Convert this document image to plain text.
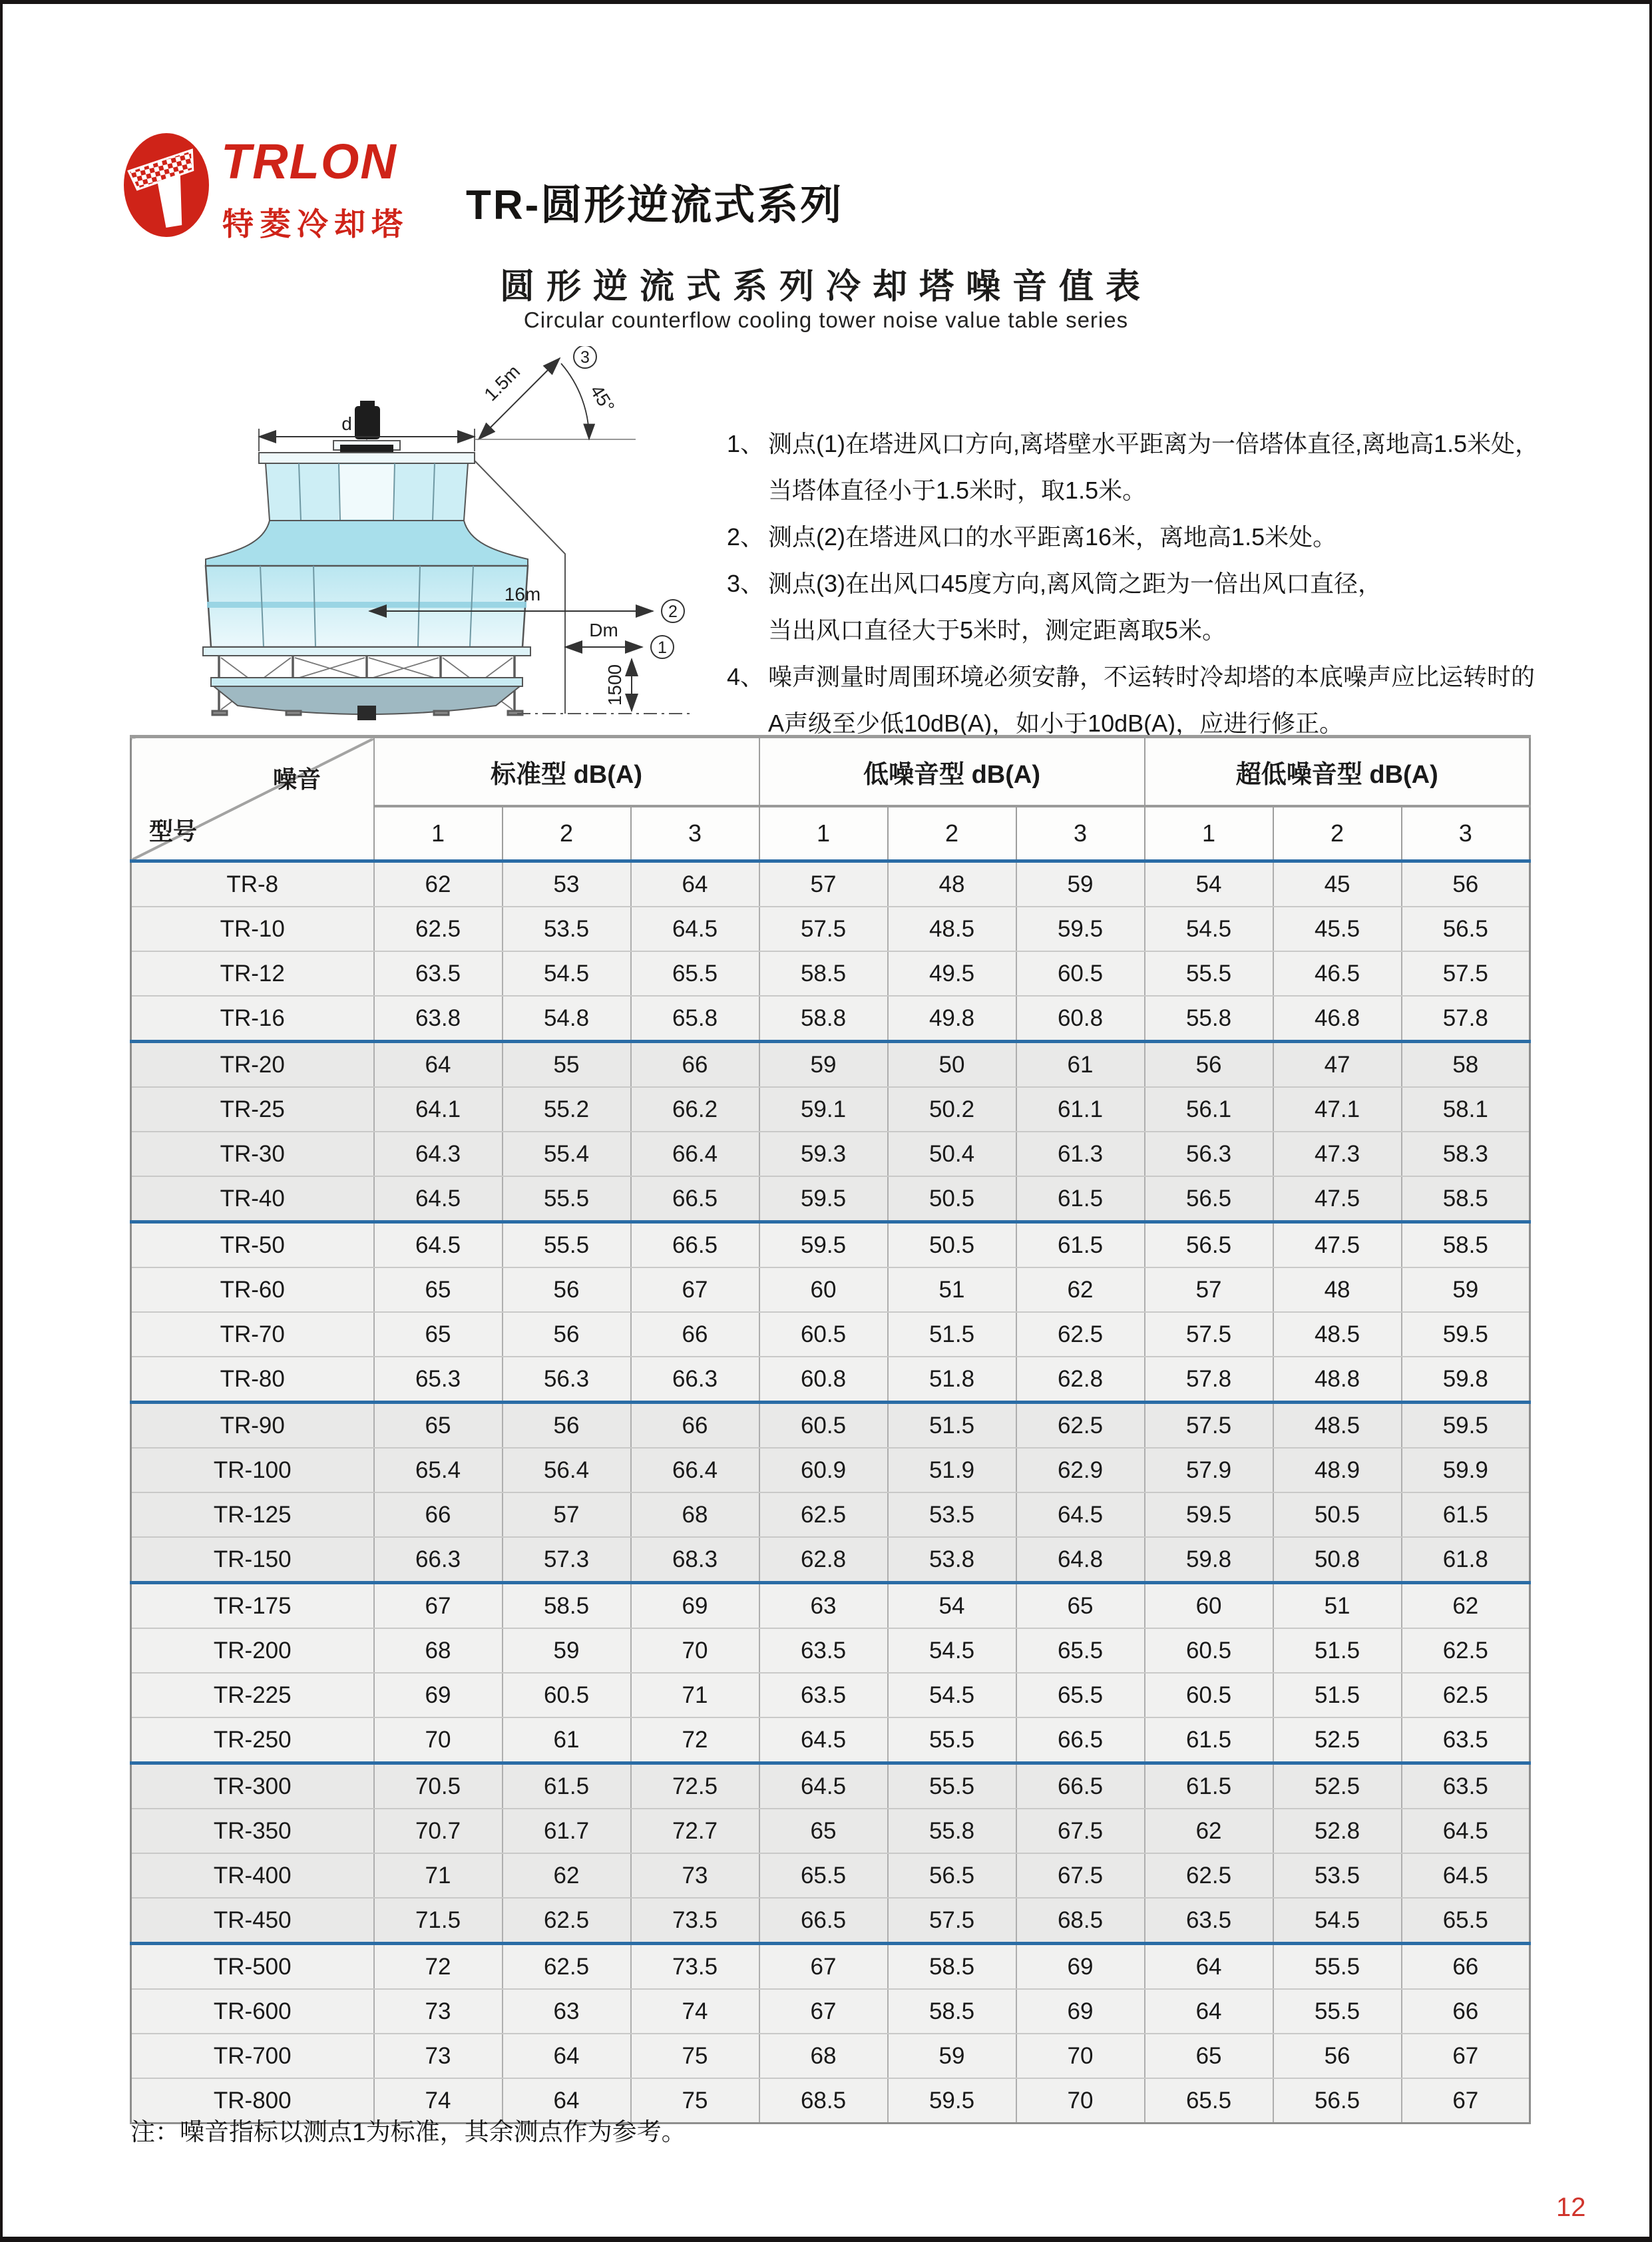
TRLON
特菱冷却塔 TR-圆形逆流式系列
圆形逆流式系列冷却塔噪音值表
Circular counterflow cooling tower noise value table series
d
1.5m	45°
3
16m
2
Dm
1
1500
1、 测点(1)在塔进风口方向,离塔壁水平距离为一倍塔体直径,离地高1.5米处，
当塔体直径小于1.5米时，取1.5米。
2、 测点(2)在塔进风口的水平距离16米，离地高1.5米处。
3、 测点(3)在出风口45度方向,离风筒之距为一倍出风口直径，
当出风口直径大于5米时，测定距离取5米。
4、 噪声测量时周围环境必须安静，不运转时冷却塔的本底噪声应比运转时的
A声级至少低10dB(A)，如小于10dB(A)，应进行修正。
噪音
型号	标准型 dB(A)			低噪音型 dB(A)			超低噪音型 dB(A)		
	1	2	3	1	2	3	1	2	3
TR-8	62	53	64	57	48	59	54	45	56
TR-10	62.5	53.5	64.5	57.5	48.5	59.5	54.5	45.5	56.5
TR-12	63.5	54.5	65.5	58.5	49.5	60.5	55.5	46.5	57.5
TR-16	63.8	54.8	65.8	58.8	49.8	60.8	55.8	46.8	57.8
TR-20	64	55	66	59	50	61	56	47	58
TR-25	64.1	55.2	66.2	59.1	50.2	61.1	56.1	47.1	58.1
TR-30	64.3	55.4	66.4	59.3	50.4	61.3	56.3	47.3	58.3
TR-40	64.5	55.5	66.5	59.5	50.5	61.5	56.5	47.5	58.5
TR-50	64.5	55.5	66.5	59.5	50.5	61.5	56.5	47.5	58.5
TR-60	65	56	67	60	51	62	57	48	59
TR-70	65	56	66	60.5	51.5	62.5	57.5	48.5	59.5
TR-80	65.3	56.3	66.3	60.8	51.8	62.8	57.8	48.8	59.8
TR-90	65	56	66	60.5	51.5	62.5	57.5	48.5	59.5
TR-100	65.4	56.4	66.4	60.9	51.9	62.9	57.9	48.9	59.9
TR-125	66	57	68	62.5	53.5	64.5	59.5	50.5	61.5
TR-150	66.3	57.3	68.3	62.8	53.8	64.8	59.8	50.8	61.8
TR-175	67	58.5	69	63	54	65	60	51	62
TR-200	68	59	70	63.5	54.5	65.5	60.5	51.5	62.5
TR-225	69	60.5	71	63.5	54.5	65.5	60.5	51.5	62.5
TR-250	70	61	72	64.5	55.5	66.5	61.5	52.5	63.5
TR-300	70.5	61.5	72.5	64.5	55.5	66.5	61.5	52.5	63.5
TR-350	70.7	61.7	72.7	65	55.8	67.5	62	52.8	64.5
TR-400	71	62	73	65.5	56.5	67.5	62.5	53.5	64.5
TR-450	71.5	62.5	73.5	66.5	57.5	68.5	63.5	54.5	65.5
TR-500	72	62.5	73.5	67	58.5	69	64	55.5	66
TR-600	73	63	74	67	58.5	69	64	55.5	66
TR-700	73	64	75	68	59	70	65	56	67
TR-800	74	64	75	68.5	59.5	70	65.5	56.5	67
注：噪音指标以测点1为标准，其余测点作为参考。
12
